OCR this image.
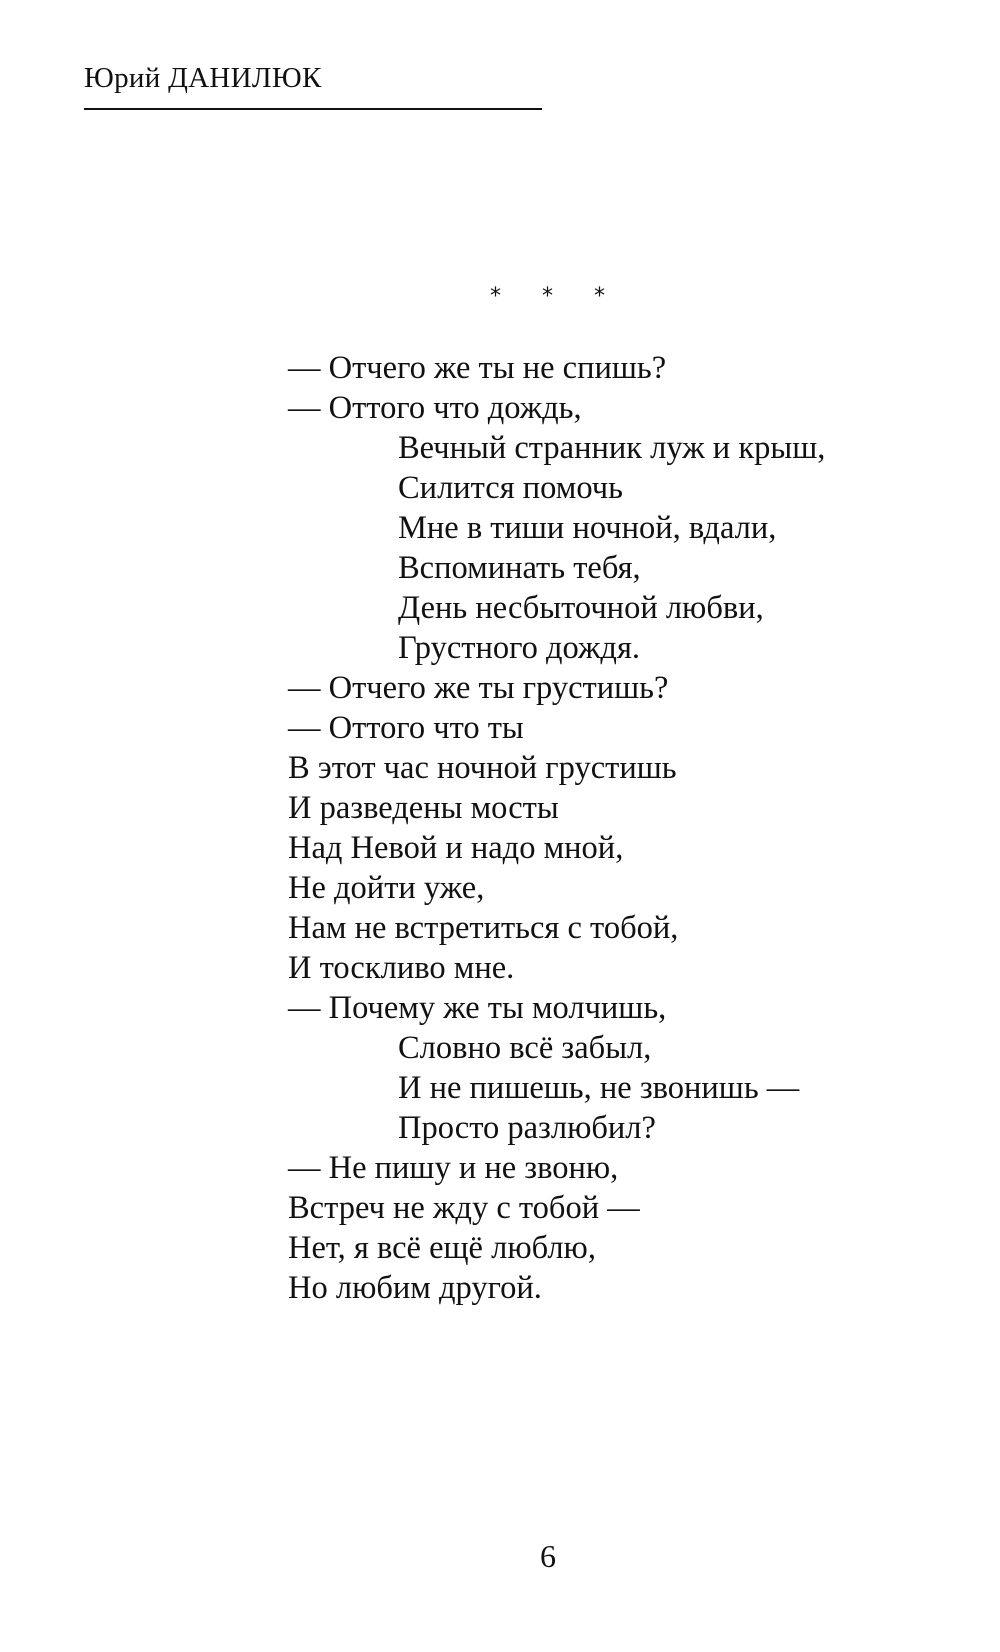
Юрий ДАНИЛЮК
* * *
— Отчего же ты не спишь?
— Оттого что дождь,
Вечный странник луж и крыш,
Силится помочь
Мне в тиши ночной, вдали,
Вспоминать тебя,
День несбыточной любви,
Грустного дождя.
— Отчего же ты грустишь?
— Оттого что ты
В этот час ночной грустишь
И разведены мосты
Над Невой и надо мной,
Не дойти уже,
Нам не встретиться с тобой,
И тоскливо мне.
— Почему же ты молчишь,
Словно всё забыл,
И не пишешь, не звонишь —
Просто разлюбил?
— Не пишу и не звоню,
Встреч не жду с тобой —
Нет, я всё ещё люблю,
Но любим другой.
6
